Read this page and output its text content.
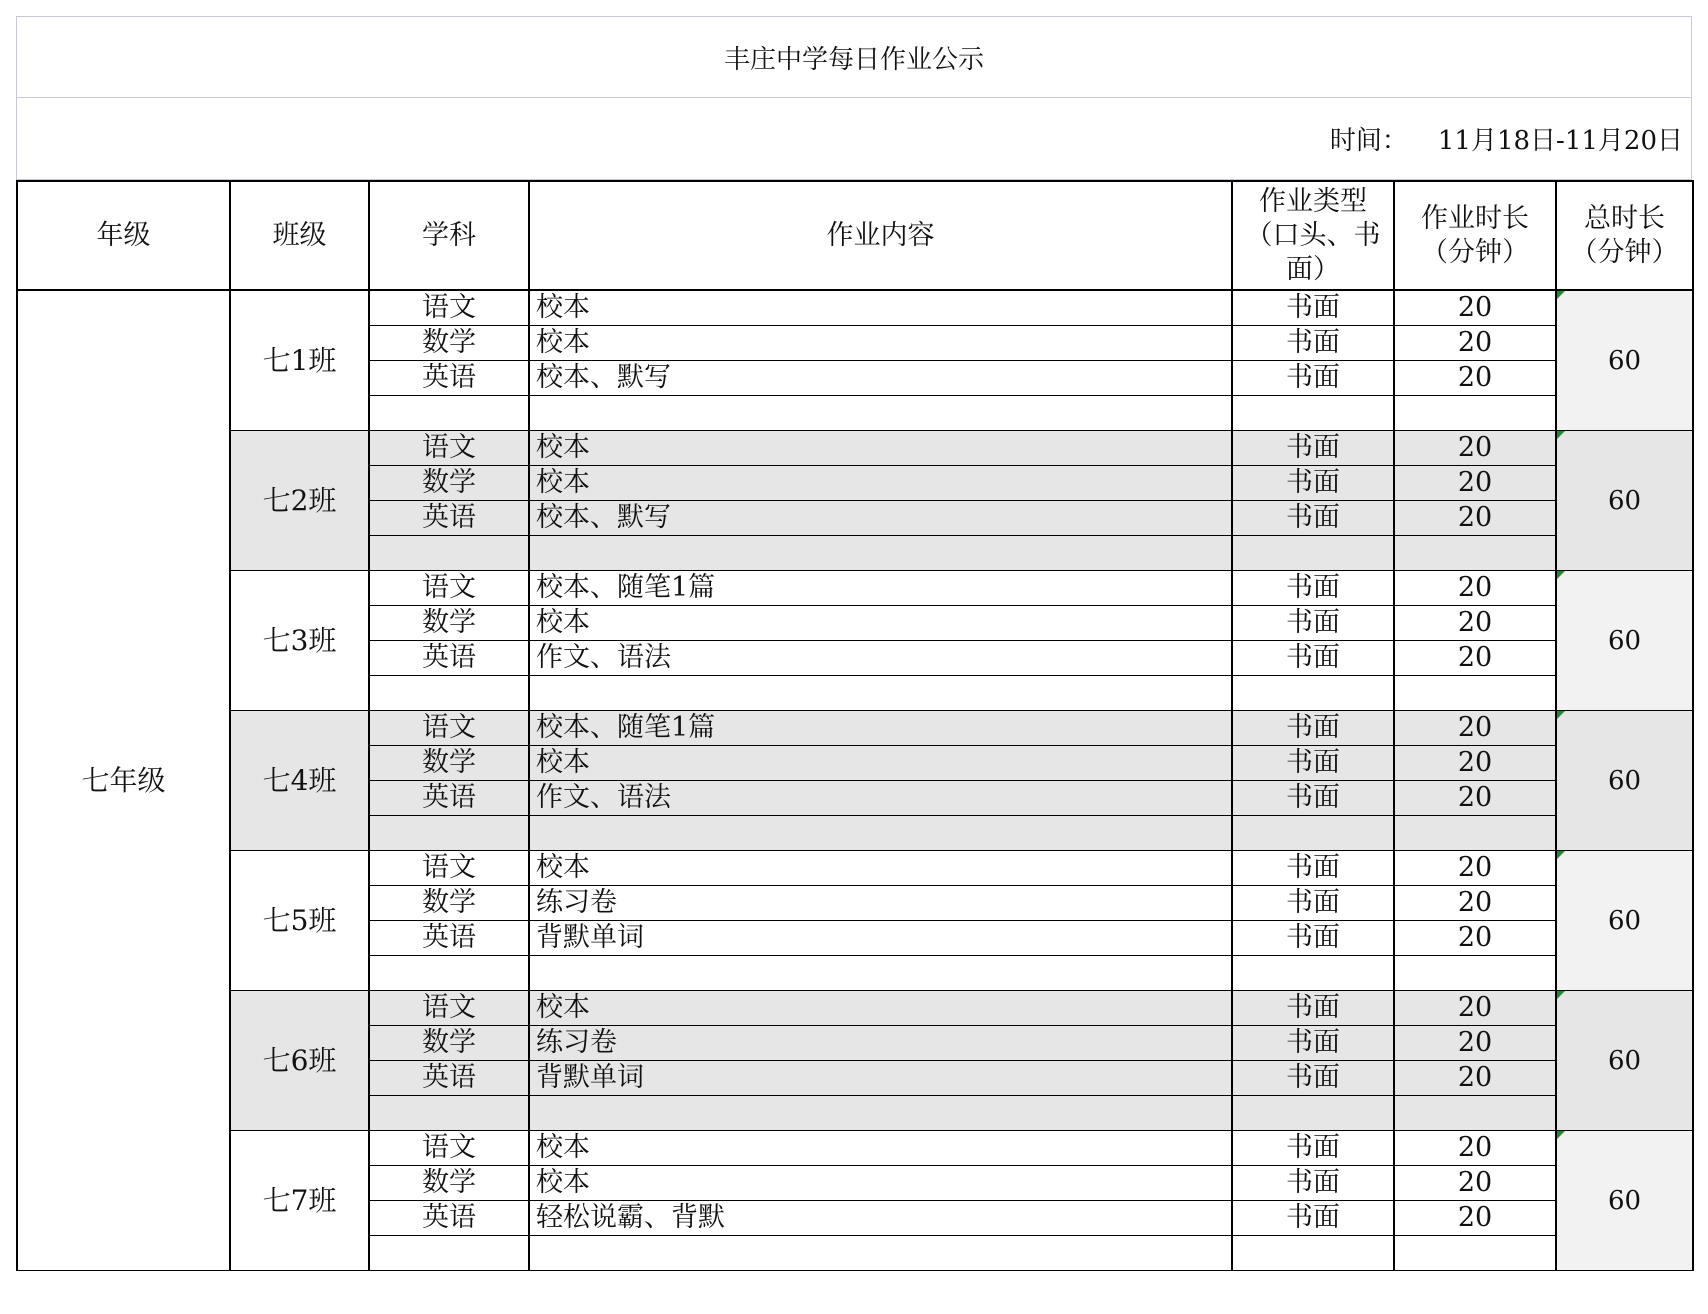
丰庄中学每日作业公示
时间： 11月18日-11月20日
年级	班级	学科	作业内容	作业类型（口头、书面）	作业时长（分钟）	总时长（分钟）
七年级	七1班	语文	校本	书面	20	60
		数学	校本	书面	20	
		英语	校本、默写	书面	20	

	七2班	语文	校本	书面	20	60
		数学	校本	书面	20	
		英语	校本、默写	书面	20	

	七3班	语文	校本、随笔1篇	书面	20	60
		数学	校本	书面	20	
		英语	作文、语法	书面	20	

	七4班	语文	校本、随笔1篇	书面	20	60
		数学	校本	书面	20	
		英语	作文、语法	书面	20	

	七5班	语文	校本	书面	20	60
		数学	练习卷	书面	20	
		英语	背默单词	书面	20	

	七6班	语文	校本	书面	20	60
		数学	练习卷	书面	20	
		英语	背默单词	书面	20	

	七7班	语文	校本	书面	20	60
		数学	校本	书面	20	
		英语	轻松说霸、背默	书面	20	
